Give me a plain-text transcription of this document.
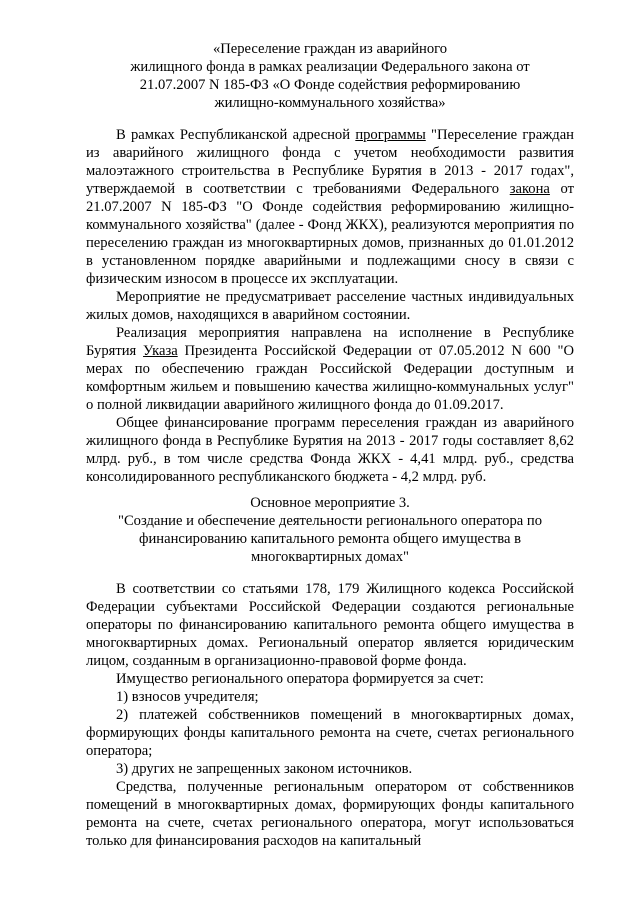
«Переселение граждан из аварийного
жилищного фонда в рамках реализации Федерального закона от
21.07.2007 N 185-ФЗ «О Фонде содействия реформированию
жилищно-коммунального хозяйства»

В рамках Республиканской адресной программы "Переселение граждан из аварийного жилищного фонда с учетом необходимости развития малоэтажного строительства в Республике Бурятия в 2013 - 2017 годах", утверждаемой в соответствии с требованиями Федерального закона от 21.07.2007 N 185-ФЗ "О Фонде содействия реформированию жилищно-коммунального хозяйства" (далее - Фонд ЖКХ), реализуются мероприятия по переселению граждан из многоквартирных домов, признанных до 01.01.2012 в установленном порядке аварийными и подлежащими сносу в связи с физическим износом в процессе их эксплуатации.

Мероприятие не предусматривает расселение частных индивидуальных жилых домов, находящихся в аварийном состоянии.

Реализация мероприятия направлена на исполнение в Республике Бурятия Указа Президента Российской Федерации от 07.05.2012 N 600 "О мерах по обеспечению граждан Российской Федерации доступным и комфортным жильем и повышению качества жилищно-коммунальных услуг" о полной ликвидации аварийного жилищного фонда до 01.09.2017.

Общее финансирование программ переселения граждан из аварийного жилищного фонда в Республике Бурятия на 2013 - 2017 годы составляет 8,62 млрд. руб., в том числе средства Фонда ЖКХ - 4,41 млрд. руб., средства консолидированного республиканского бюджета - 4,2 млрд. руб.

Основное мероприятие 3.
"Создание и обеспечение деятельности регионального оператора по
финансированию капитального ремонта общего имущества в
многоквартирных домах"

В соответствии со статьями 178, 179 Жилищного кодекса Российской Федерации субъектами Российской Федерации создаются региональные операторы по финансированию капитального ремонта общего имущества в многоквартирных домах. Региональный оператор является юридическим лицом, созданным в организационно-правовой форме фонда.

Имущество регионального оператора формируется за счет:

1) взносов учредителя;

2) платежей собственников помещений в многоквартирных домах, формирующих фонды капитального ремонта на счете, счетах регионального оператора;

3) других не запрещенных законом источников.

Средства, полученные региональным оператором от собственников помещений в многоквартирных домах, формирующих фонды капитального ремонта на счете, счетах регионального оператора, могут использоваться только для финансирования расходов на капитальный
